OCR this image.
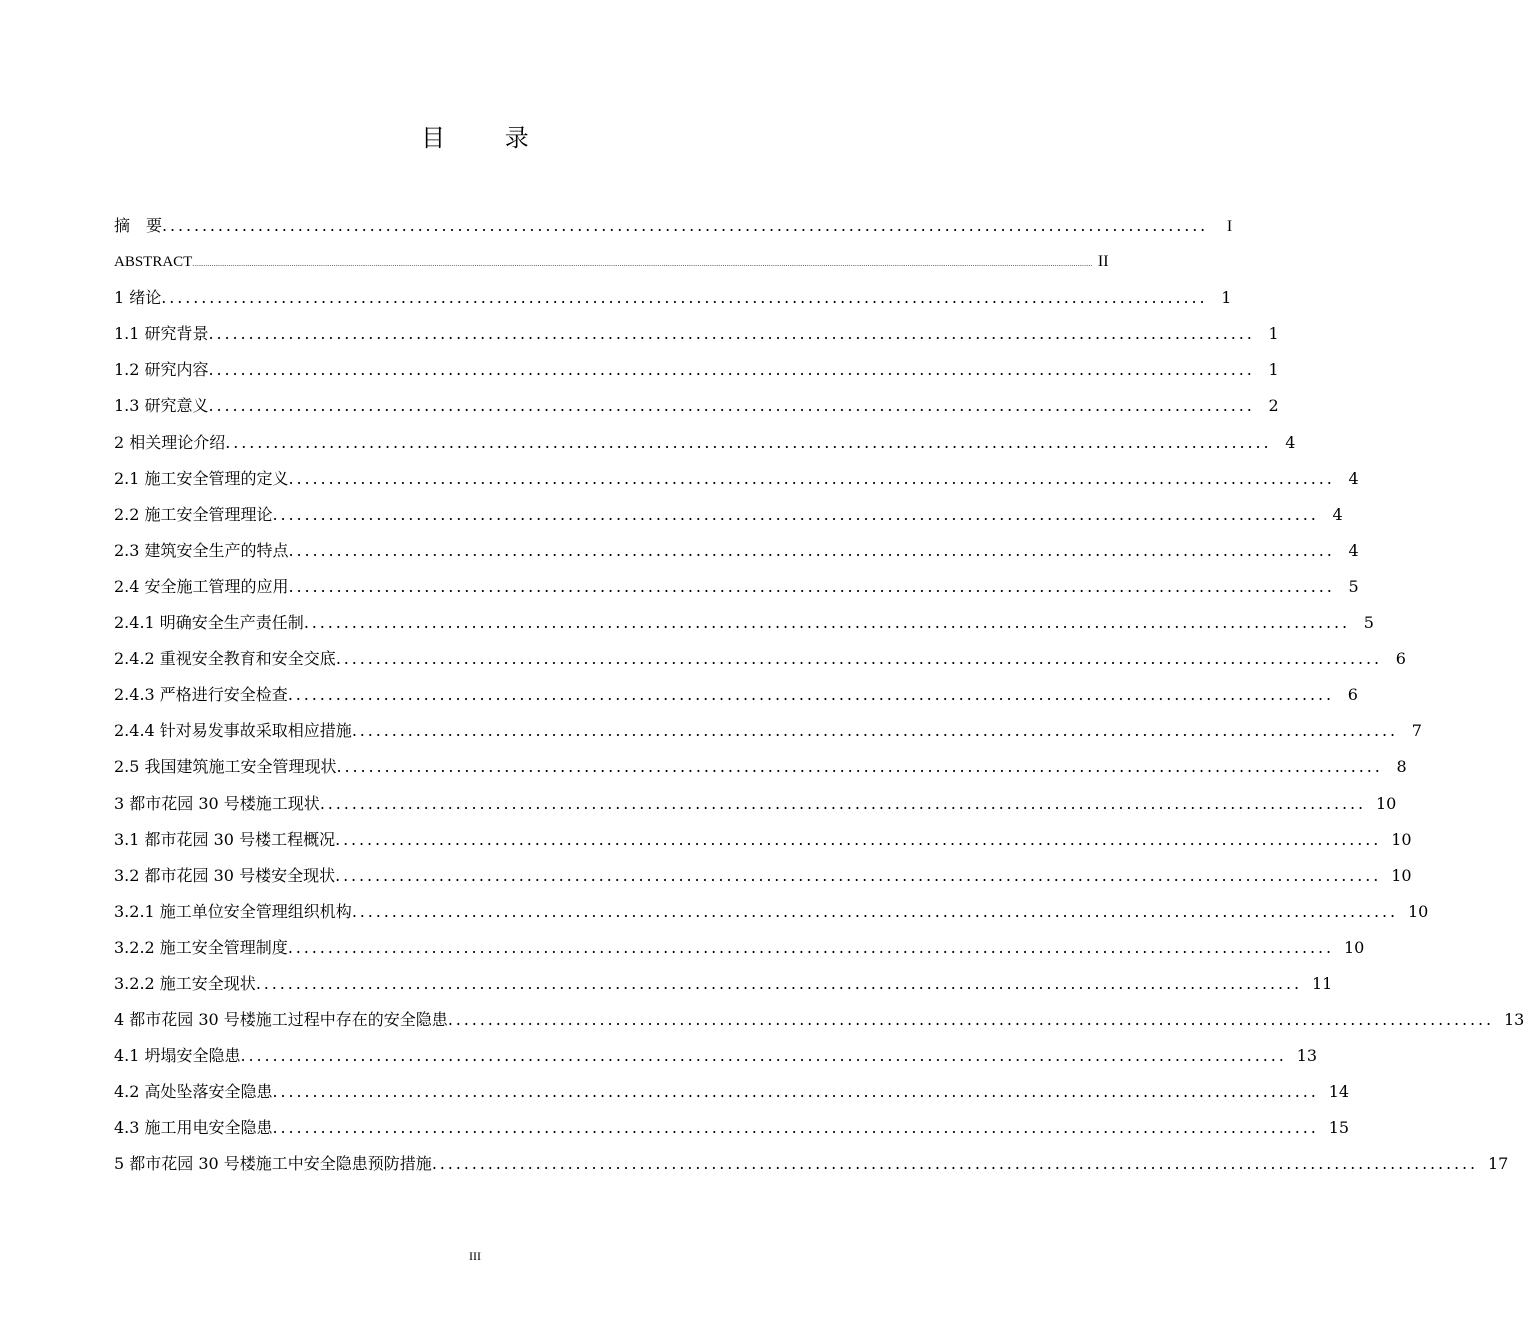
目 录
摘　要 ...................................................................................................................................	I
ABSTRACT ........................................................................................................................................................................................................................................................................................................................................................................................................................................................................................ II
1 绪论 ................................................................................................................................... 1
1.1 研究背景 ................................................................................................................................... 1
1.2 研究内容 ................................................................................................................................... 1
1.3 研究意义 ................................................................................................................................... 2
2 相关理论介绍 ................................................................................................................................... 4
2.1 施工安全管理的定义 ................................................................................................................................... 4
2.2 施工安全管理理论 ................................................................................................................................... 4
2.3 建筑安全生产的特点 ................................................................................................................................... 4
2.4 安全施工管理的应用 ................................................................................................................................... 5
2.4.1 明确安全生产责任制 ................................................................................................................................... 5
2.4.2 重视安全教育和安全交底 ................................................................................................................................... 6
2.4.3 严格进行安全检查 ................................................................................................................................... 6
2.4.4 针对易发事故采取相应措施 ................................................................................................................................... 7
2.5 我国建筑施工安全管理现状 ................................................................................................................................... 8
3 都市花园 30 号楼施工现状 ................................................................................................................................... 10
3.1 都市花园 30 号楼工程概况 ................................................................................................................................... 10
3.2 都市花园 30 号楼安全现状 ................................................................................................................................... 10
3.2.1 施工单位安全管理组织机构 ................................................................................................................................... 10
3.2.2 施工安全管理制度 ................................................................................................................................... 10
3.2.2 施工安全现状 ................................................................................................................................... 11
4 都市花园 30 号楼施工过程中存在的安全隐患 ................................................................................................................................... 13
4.1 坍塌安全隐患 ................................................................................................................................... 13
4.2 高处坠落安全隐患 ................................................................................................................................... 14
4.3 施工用电安全隐患 ................................................................................................................................... 15
5 都市花园 30 号楼施工中安全隐患预防措施 ................................................................................................................................... 17
III
